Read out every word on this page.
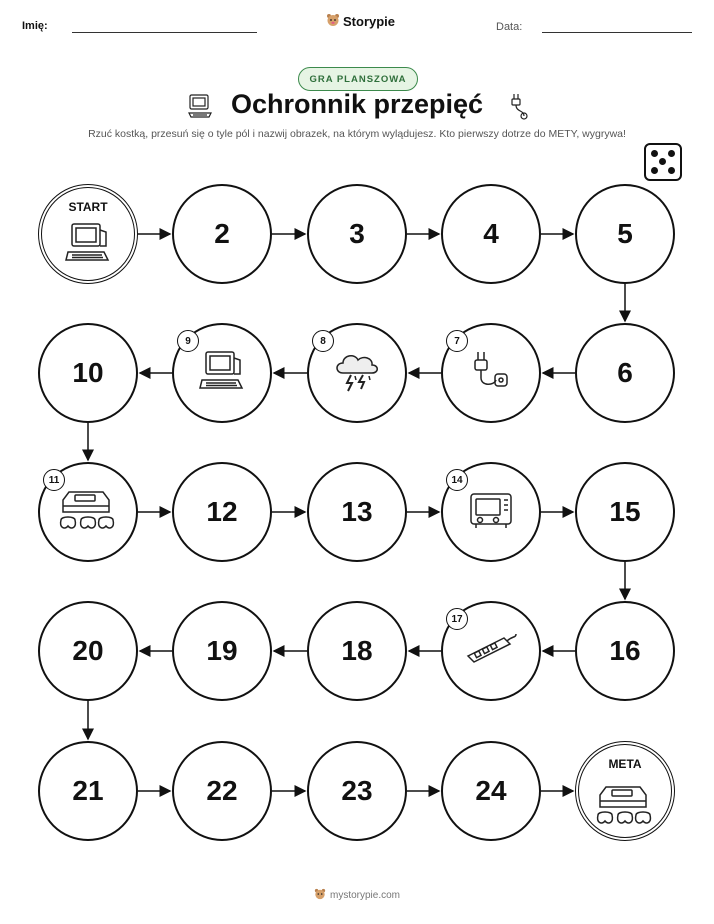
Imię:	Storypie	Data:
GRA PLANSZOWA
Ochronnik przepięć
Rzuć kostką, przesuń się o tyle pól i nazwij obrazek, na którym wylądujesz. Kto pierwszy dotrze do METY, wygrywa!
START
2	3	4	5
6
7
8
9
10
11
12	13
14
15
16
17
18
19
20
21	22	23	24
META
mystorypie.com
